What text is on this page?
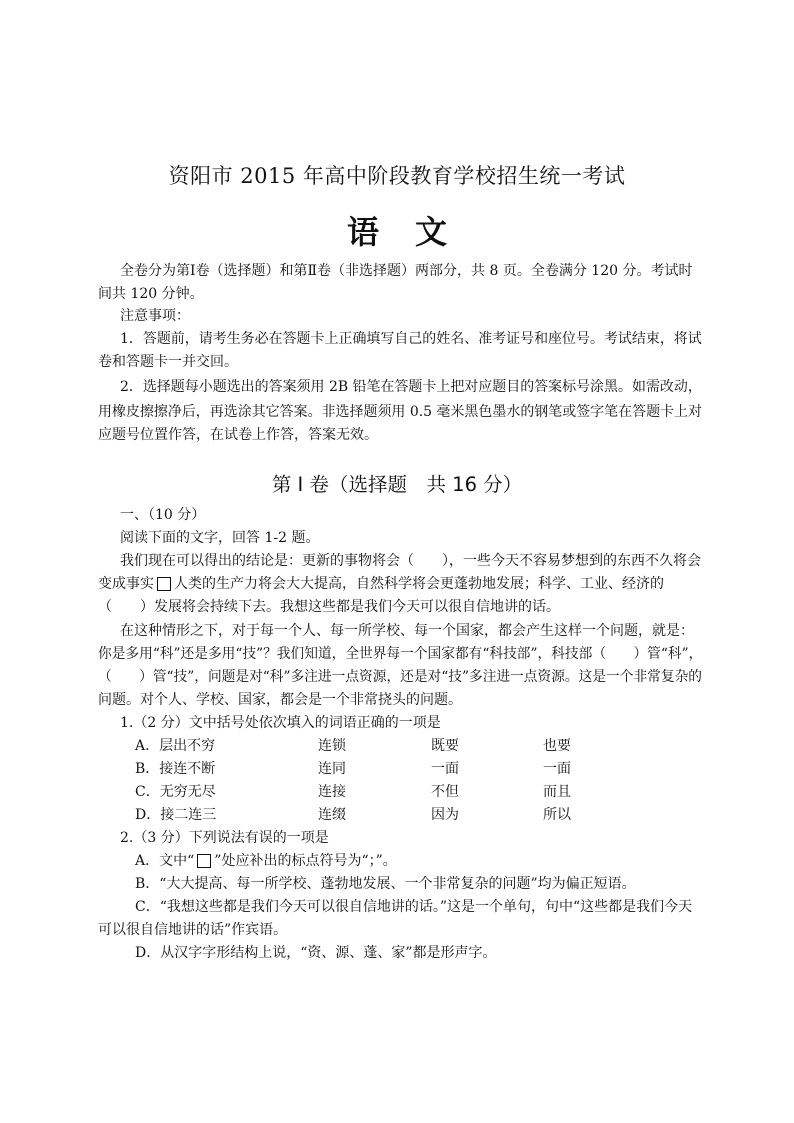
资阳市 2015 年高中阶段教育学校招生统一考试
语文
全卷分为第Ⅰ卷（选择题）和第Ⅱ卷（非选择题）两部分，共 8 页。全卷满分 120 分。考试时
间共 120 分钟。
注意事项：
1．答题前，请考生务必在答题卡上正确填写自己的姓名、准考证号和座位号。考试结束，将试
卷和答题卡一并交回。
2．选择题每小题选出的答案须用 2B 铅笔在答题卡上把对应题目的答案标号涂黑。如需改动，
用橡皮擦擦净后，再选涂其它答案。非选择题须用 0.5 毫米黑色墨水的钢笔或签字笔在答题卡上对
应题号位置作答，在试卷上作答，答案无效。
第 I 卷（选择题　共 16 分）
一、（10 分）
阅读下面的文字，回答 1-2 题。
我们现在可以得出的结论是：更新的事物将会（　　），一些今天不容易梦想到的东西不久将会
变成事实 人类的生产力将会大大提高，自然科学将会更蓬勃地发展；科学、工业、经济的
（　　）发展将会持续下去。我想这些都是我们今天可以很自信地讲的话。
在这种情形之下，对于每一个人、每一所学校、每一个国家，都会产生这样一个问题，就是：
你是多用“科”还是多用“技”？我们知道，全世界每一个国家都有“科技部”，科技部（　　）管“科”，
（　　）管“技”，问题是对“科”多注进一点资源，还是对“技”多注进一点资源。这是一个非常复杂的
问题。对个人、学校、国家，都会是一个非常挠头的问题。
1.（2 分）文中括号处依次填入的词语正确的一项是
A．层出不穷	连锁	既要	也要
B．接连不断	连同	一面	一面
C．无穷无尽	连接	不但	而且
D．接二连三	连缀	因为	所以
2.（3 分）下列说法有误的一项是
A．文中“ ”处应补出的标点符号为“；”。
B．“大大提高、每一所学校、蓬勃地发展、一个非常复杂的问题”均为偏正短语。
C．“我想这些都是我们今天可以很自信地讲的话。”这是一个单句，句中“这些都是我们今天
可以很自信地讲的话”作宾语。
D．从汉字字形结构上说，“资、源、蓬、家”都是形声字。
